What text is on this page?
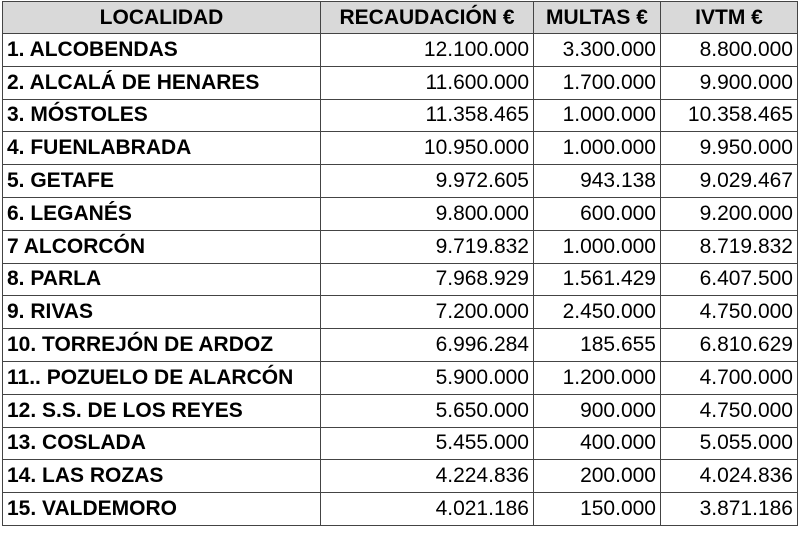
LOCALIDAD	RECAUDACIÓN €	MULTAS €	IVTM €
1. ALCOBENDAS	12.100.000	3.300.000	8.800.000
2. ALCALÁ DE HENARES	11.600.000	1.700.000	9.900.000
3. MÓSTOLES	11.358.465	1.000.000	10.358.465
4. FUENLABRADA	10.950.000	1.000.000	9.950.000
5. GETAFE	9.972.605	943.138	9.029.467
6. LEGANÉS	9.800.000	600.000	9.200.000
7 ALCORCÓN	9.719.832	1.000.000	8.719.832
8. PARLA	7.968.929	1.561.429	6.407.500
9. RIVAS	7.200.000	2.450.000	4.750.000
10. TORREJÓN DE ARDOZ	6.996.284	185.655	6.810.629
11.. POZUELO DE ALARCÓN	5.900.000	1.200.000	4.700.000
12. S.S. DE LOS REYES	5.650.000	900.000	4.750.000
13. COSLADA	5.455.000	400.000	5.055.000
14. LAS ROZAS	4.224.836	200.000	4.024.836
15. VALDEMORO	4.021.186	150.000	3.871.186
